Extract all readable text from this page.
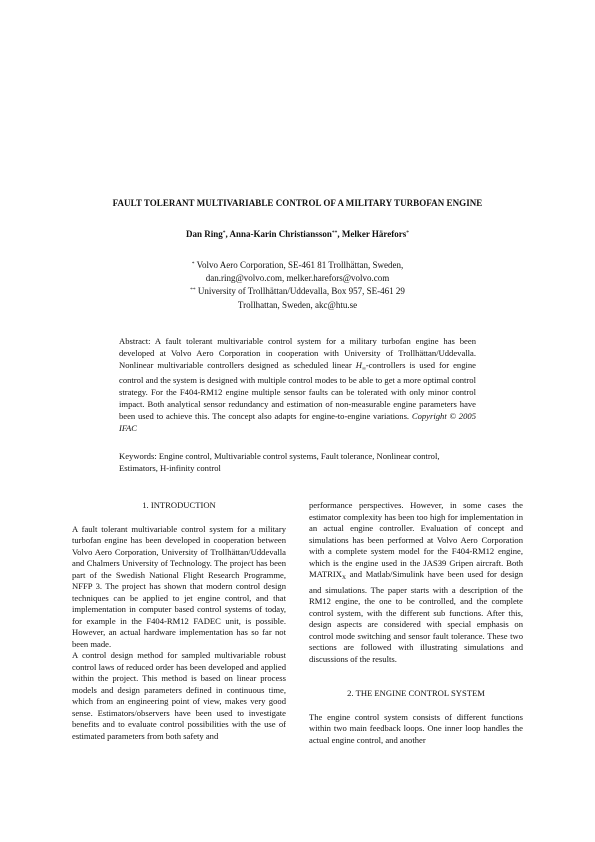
FAULT TOLERANT MULTIVARIABLE CONTROL OF A MILITARY TURBOFAN ENGINE
Dan Ring*, Anna-Karin Christiansson**, Melker Härefors*
* Volvo Aero Corporation, SE-461 81 Trollhättan, Sweden,
dan.ring@volvo.com, melker.harefors@volvo.com
** University of Trollhättan/Uddevalla, Box 957, SE-461 29
Trollhattan, Sweden, akc@htu.se
Abstract: A fault tolerant multivariable control system for a military turbofan engine has been developed at Volvo Aero Corporation in cooperation with University of Trollhättan/Uddevalla. Nonlinear multivariable controllers designed as scheduled linear $H_\infty$-controllers is used for engine control and the system is designed with multiple control modes to be able to get a more optimal control strategy. For the F404-RM12 engine multiple sensor faults can be tolerated with only minor control impact. Both analytical sensor redundancy and estimation of non-measurable engine parameters have been used to achieve this. The concept also adapts for engine-to-engine variations. Copyright © 2005 IFAC
Keywords: Engine control, Multivariable control systems, Fault tolerance, Nonlinear control, Estimators, H-infinity control
1. INTRODUCTION

A fault tolerant multivariable control system for a military turbofan engine has been developed in cooperation between Volvo Aero Corporation, University of Trollhättan/Uddevalla and Chalmers University of Technology. The project has been part of the Swedish National Flight Research Programme, NFFP 3. The project has shown that modern control design techniques can be applied to jet engine control, and that implementation in computer based control systems of today, for example in the F404-RM12 FADEC unit, is possible. However, an actual hardware implementation has so far not been made.

A control design method for sampled multivariable robust control laws of reduced order has been developed and applied within the project. This method is based on linear process models and design parameters defined in continuous time, which from an engineering point of view, makes very good sense. Estimators/observers have been used to investigate benefits and to evaluate control possibilities with the use of estimated parameters from both safety and

performance perspectives. However, in some cases the estimator complexity has been too high for implementation in an actual engine controller. Evaluation of concept and simulations has been performed at Volvo Aero Corporation with a complete system model for the F404-RM12 engine, which is the engine used in the JAS39 Gripen aircraft. Both $MATRIX_X$ and Matlab/Simulink have been used for design and simulations. The paper starts with a description of the RM12 engine, the one to be controlled, and the complete control system, with the different sub functions. After this, design aspects are considered with special emphasis on control mode switching and sensor fault tolerance. These two sections are followed with illustrating simulations and discussions of the results.

2. THE ENGINE CONTROL SYSTEM

The engine control system consists of different functions within two main feedback loops. One inner loop handles the actual engine control, and another
